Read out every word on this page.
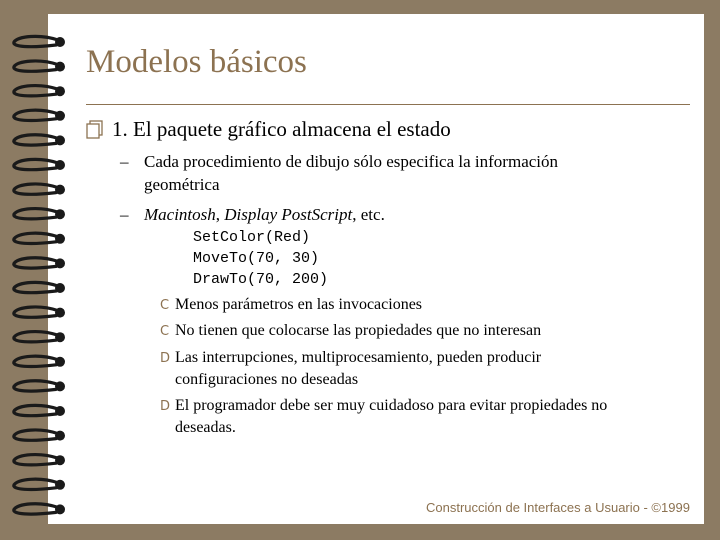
Modelos básicos
1. El paquete gráfico almacena el estado
– Cada procedimiento de dibujo sólo especifica la información
geométrica
– Macintosh, Display PostScript, etc.
SetColor(Red)
MoveTo(70, 30)
DrawTo(70, 200)
C Menos parámetros en las invocaciones
C No tienen que colocarse las propiedades que no interesan
D Las interrupciones, multiprocesamiento, pueden producir
configuraciones no deseadas
D El programador debe ser muy cuidadoso para evitar propiedades no
deseadas.
Construcción de Interfaces a Usuario - ©1999
